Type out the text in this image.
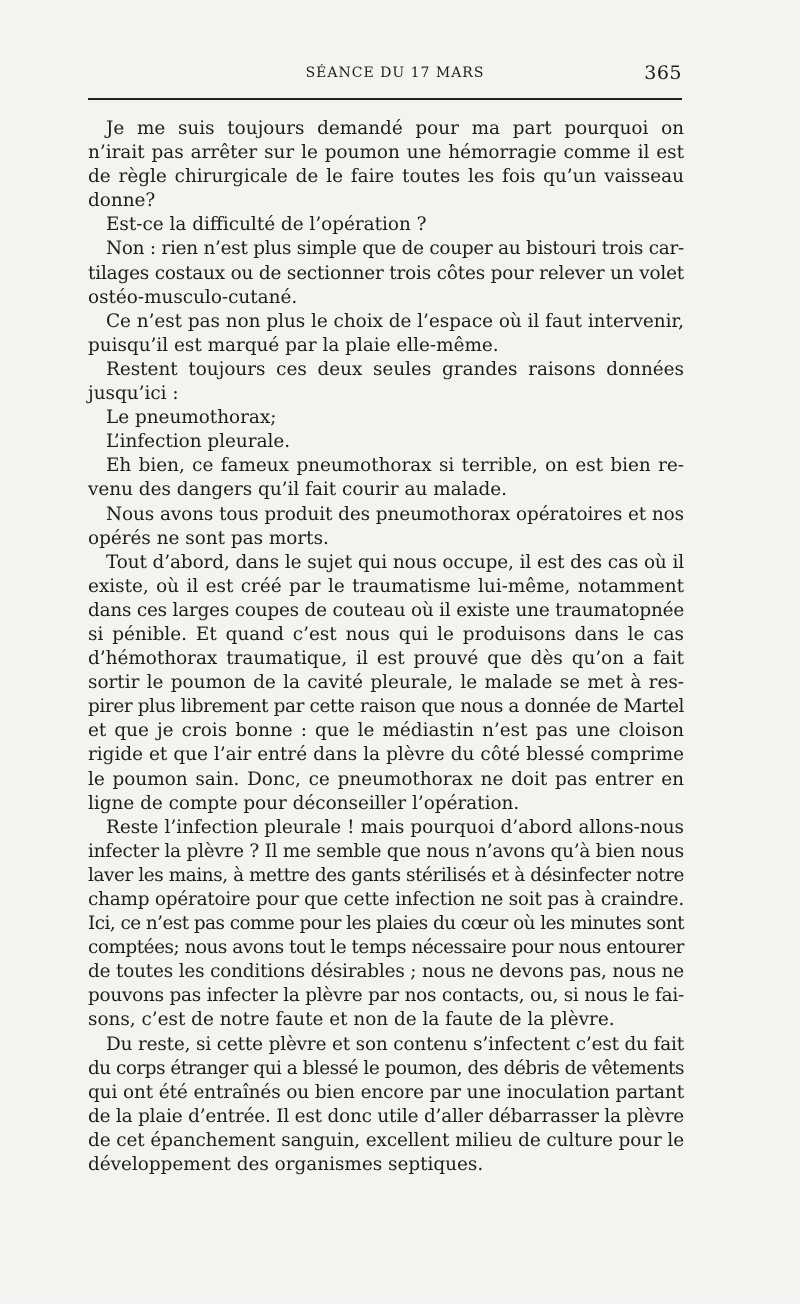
SÉANCE DU 17 MARS	365
Je me suis toujours demandé pour ma part pourquoi on
n’irait pas arrêter sur le poumon une hémorragie comme il est
de règle chirurgicale de le faire toutes les fois qu’un vaisseau
donne?
Est-ce la difficulté de l’opération ?
Non : rien n’est plus simple que de couper au bistouri trois car-
tilages costaux ou de sectionner trois côtes pour relever un volet
ostéo-musculo-cutané.
Ce n’est pas non plus le choix de l’espace où il faut intervenir,
puisqu’il est marqué par la plaie elle-même.
Restent toujours ces deux seules grandes raisons données
jusqu’ici :
Le pneumothorax;
L’infection pleurale.
Eh bien, ce fameux pneumothorax si terrible, on est bien re-
venu des dangers qu’il fait courir au malade.
Nous avons tous produit des pneumothorax opératoires et nos
opérés ne sont pas morts.
Tout d’abord, dans le sujet qui nous occupe, il est des cas où il
existe, où il est créé par le traumatisme lui-même, notamment
dans ces larges coupes de couteau où il existe une traumatopnée
si pénible. Et quand c’est nous qui le produisons dans le cas
d’hémothorax traumatique, il est prouvé que dès qu’on a fait
sortir le poumon de la cavité pleurale, le malade se met à res-
pirer plus librement par cette raison que nous a donnée de Martel
et que je crois bonne : que le médiastin n’est pas une cloison
rigide et que l’air entré dans la plèvre du côté blessé comprime
le poumon sain. Donc, ce pneumothorax ne doit pas entrer en
ligne de compte pour déconseiller l’opération.
Reste l’infection pleurale ! mais pourquoi d’abord allons-nous
infecter la plèvre ? Il me semble que nous n’avons qu’à bien nous
laver les mains, à mettre des gants stérilisés et à désinfecter notre
champ opératoire pour que cette infection ne soit pas à craindre.
Ici, ce n’est pas comme pour les plaies du cœur où les minutes sont
comptées; nous avons tout le temps nécessaire pour nous entourer
de toutes les conditions désirables ; nous ne devons pas, nous ne
pouvons pas infecter la plèvre par nos contacts, ou, si nous le fai-
sons, c’est de notre faute et non de la faute de la plèvre.
Du reste, si cette plèvre et son contenu s’infectent c’est du fait
du corps étranger qui a blessé le poumon, des débris de vêtements
qui ont été entraînés ou bien encore par une inoculation partant
de la plaie d’entrée. Il est donc utile d’aller débarrasser la plèvre
de cet épanchement sanguin, excellent milieu de culture pour le
développement des organismes septiques.
